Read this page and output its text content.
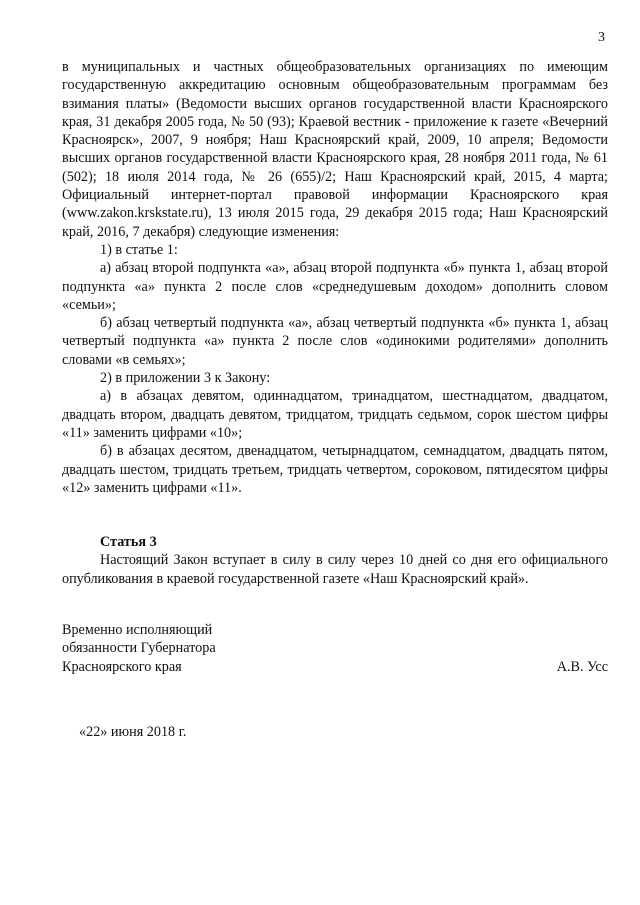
3

в муниципальных и частных общеобразовательных организациях по имеющим государственную аккредитацию основным общеобразовательным программам без взимания платы» (Ведомости высших органов государственной власти Красноярского края, 31 декабря 2005 года, № 50 (93); Краевой вестник - приложение к газете «Вечерний Красноярск», 2007, 9 ноября; Наш Красноярский край, 2009, 10 апреля; Ведомости высших органов государственной власти Красноярского края, 28 ноября 2011 года, № 61 (502); 18 июля 2014 года, № 26 (655)/2; Наш Красноярский край, 2015, 4 марта; Официальный интернет-портал правовой информации Красноярского края (www.zakon.krskstate.ru), 13 июля 2015 года, 29 декабря 2015 года; Наш Красноярский край, 2016, 7 декабря) следующие изменения:

1) в статье 1:

а) абзац второй подпункта «а», абзац второй подпункта «б» пункта 1, абзац второй подпункта «а» пункта 2 после слов «среднедушевым доходом» дополнить словом «семьи»;

б) абзац четвертый подпункта «а», абзац четвертый подпункта «б» пункта 1, абзац четвертый подпункта «а» пункта 2 после слов «одинокими родителями» дополнить словами «в семьях»;

2) в приложении 3 к Закону:

а) в абзацах девятом, одиннадцатом, тринадцатом, шестнадцатом, двадцатом, двадцать втором, двадцать девятом, тридцатом, тридцать седьмом, сорок шестом цифры «11» заменить цифрами «10»;

б) в абзацах десятом, двенадцатом, четырнадцатом, семнадцатом, двадцать пятом, двадцать шестом, тридцать третьем, тридцать четвертом, сороковом, пятидесятом цифры «12» заменить цифрами «11».

Статья 3

Настоящий Закон вступает в силу в силу через 10 дней со дня его официального опубликования в краевой государственной газете «Наш Красноярский край».

Временно исполняющий
обязанности Губернатора
Красноярского края	А.В. Усс
«22» июня 2018 г.
